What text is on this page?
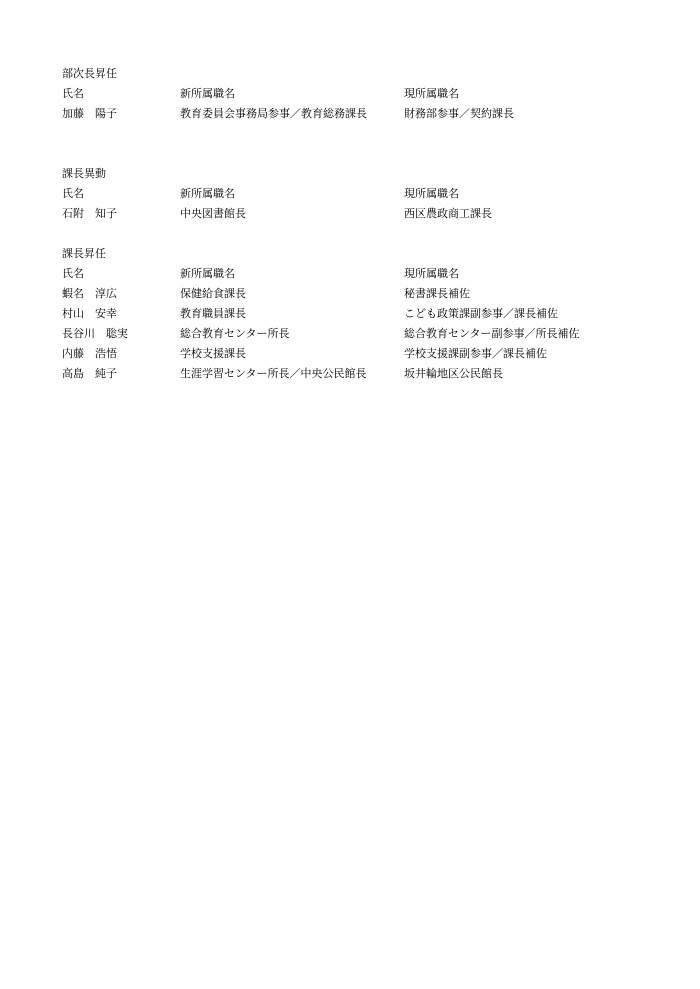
部次長昇任
氏名	新所属職名	現所属職名
加藤　陽子	教育委員会事務局参事／教育総務課長	財務部参事／契約課長
課長異動
氏名	新所属職名	現所属職名
石附　知子	中央図書館長	西区農政商工課長
課長昇任
氏名	新所属職名	現所属職名
蝦名　淳広	保健給食課長	秘書課長補佐
村山　安幸	教育職員課長	こども政策課副参事／課長補佐
長谷川　聡実	総合教育センター所長	総合教育センター副参事／所長補佐
内藤　浩悟	学校支援課長	学校支援課副参事／課長補佐
高島　純子	生涯学習センター所長／中央公民館長	坂井輪地区公民館長
